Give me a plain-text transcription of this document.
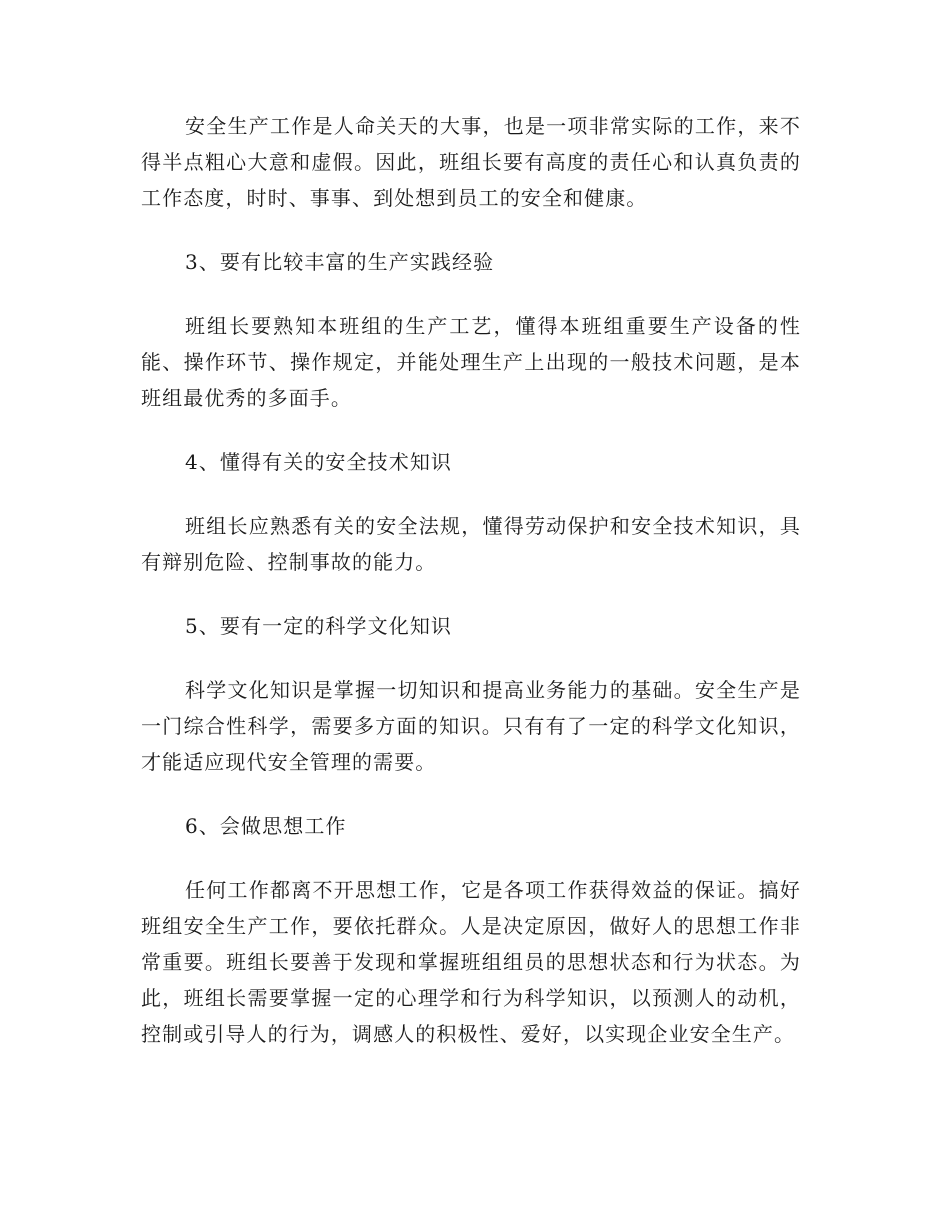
安全生产工作是人命关天的大事，也是一项非常实际的工作，来不得半点粗心大意和虚假。因此，班组长要有高度的责任心和认真负责的工作态度，时时、事事、到处想到员工的安全和健康。

3、要有比较丰富的生产实践经验

班组长要熟知本班组的生产工艺，懂得本班组重要生产设备的性能、操作环节、操作规定，并能处理生产上出现的一般技术问题，是本班组最优秀的多面手。

4、懂得有关的安全技术知识

班组长应熟悉有关的安全法规，懂得劳动保护和安全技术知识，具有辩别危险、控制事故的能力。

5、要有一定的科学文化知识

科学文化知识是掌握一切知识和提高业务能力的基础。安全生产是一门综合性科学，需要多方面的知识。只有有了一定的科学文化知识，才能适应现代安全管理的需要。

6、会做思想工作

任何工作都离不开思想工作，它是各项工作获得效益的保证。搞好班组安全生产工作，要依托群众。人是决定原因，做好人的思想工作非常重要。班组长要善于发现和掌握班组组员的思想状态和行为状态。为此，班组长需要掌握一定的心理学和行为科学知识，以预测人的动机，控制或引导人的行为，调感人的积极性、爱好，以实现企业安全生产。
